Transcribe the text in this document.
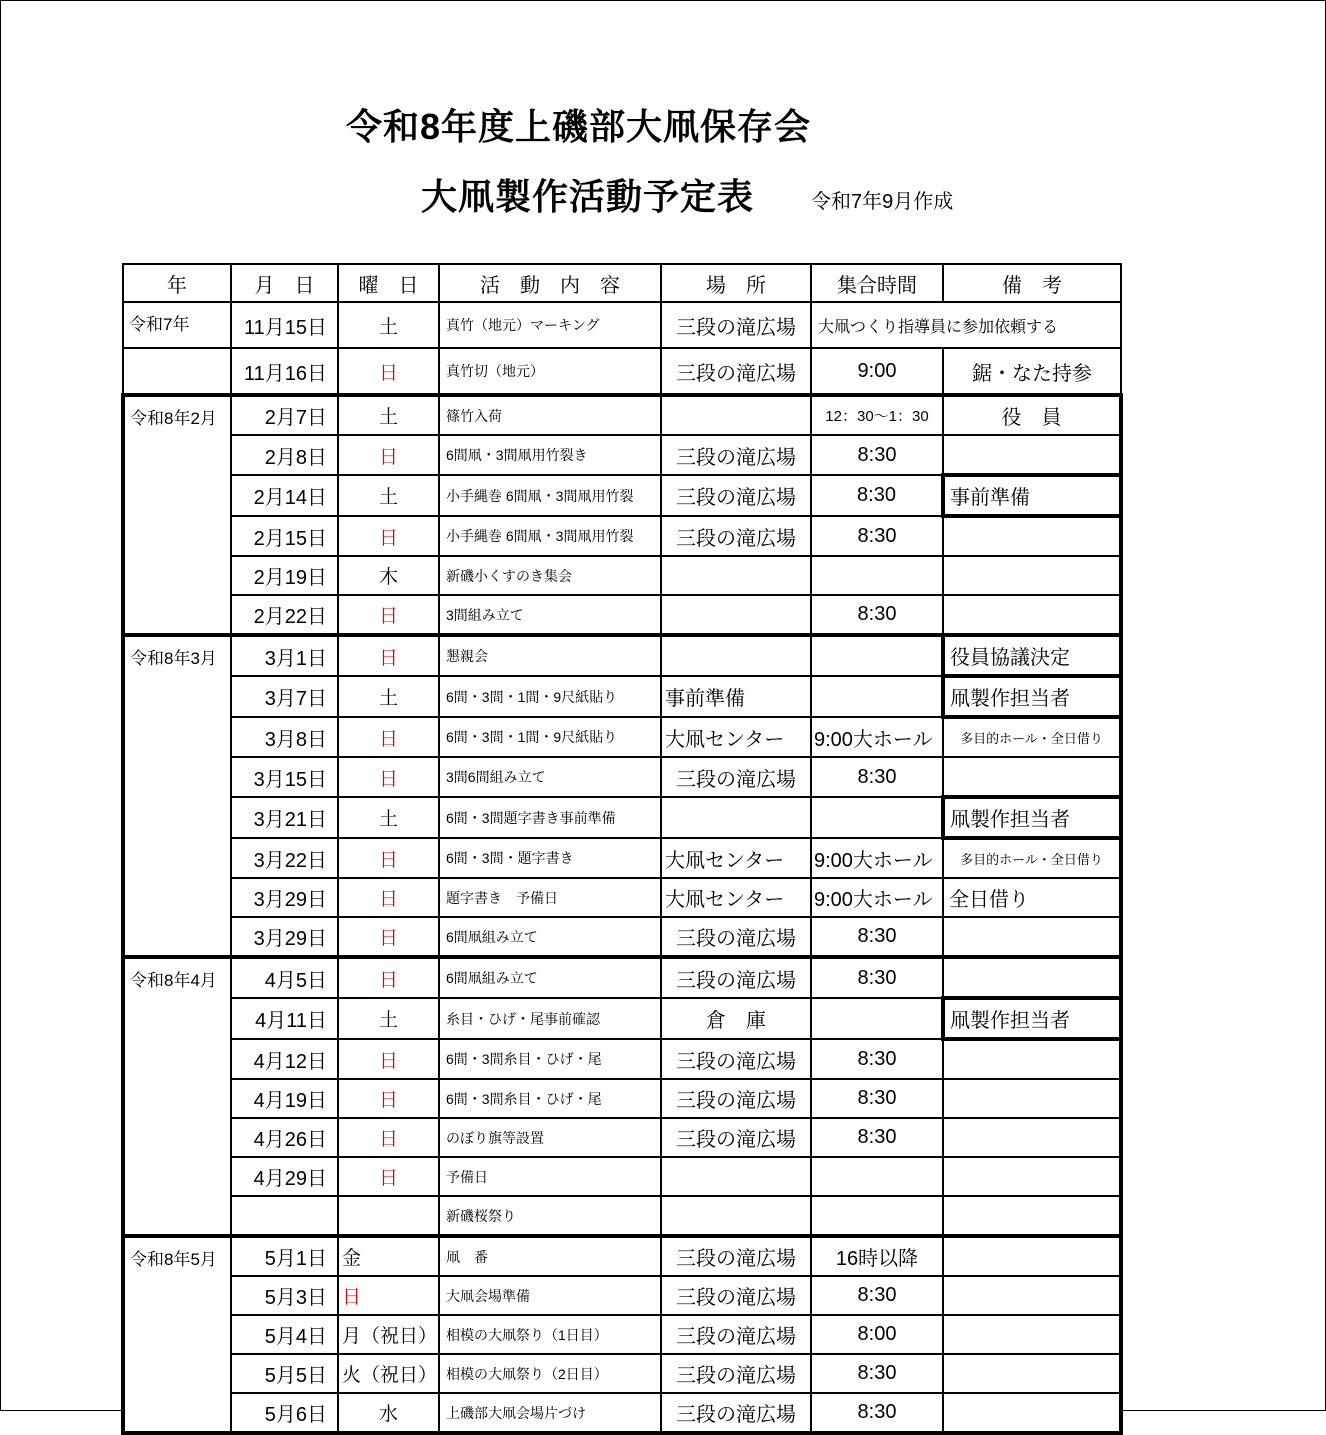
令和8年度上磯部大凧保存会
大凧製作活動予定表	令和7年9月作成
年	月　日	曜　日	活　動　内　容	場　所	集合時間	備　考
令和7年	11月15日	土	真竹（地元）マーキング	三段の滝広場	大凧つくり指導員に参加依頼する	
	11月16日	日	真竹切（地元）	三段の滝広場	9:00	鋸・なた持参
令和8年2月	2月7日	土	篠竹入荷		12：30～1：30	役　員
	2月8日	日	6間凧・3間凧用竹裂き	三段の滝広場	8:30	
	2月14日	土	小手縄巻 6間凧・3間凧用竹裂	三段の滝広場	8:30	事前準備
	2月15日	日	小手縄巻 6間凧・3間凧用竹裂	三段の滝広場	8:30	
	2月19日	木	新磯小くすのき集会			
	2月22日	日	3間組み立て		8:30	
令和8年3月	3月1日	日	懇親会			役員協議決定
	3月7日	土	6間・3間・1間・9尺紙貼り	事前準備		凧製作担当者
	3月8日	日	6間・3間・1間・9尺紙貼り	大凧センター	9:00大ホール	多目的ホール・全日借り
	3月15日	日	3間6間組み立て	三段の滝広場	8:30	
	3月21日	土	6間・3間題字書き事前準備			凧製作担当者
	3月22日	日	6間・3間・題字書き	大凧センター	9:00大ホール	多目的ホール・全日借り
	3月29日	日	題字書き　予備日	大凧センター	9:00大ホール	全日借り
	3月29日	日	6間凧組み立て	三段の滝広場	8:30	
令和8年4月	4月5日	日	6間凧組み立て	三段の滝広場	8:30	
	4月11日	土	糸目・ひげ・尾事前確認	倉　庫		凧製作担当者
	4月12日	日	6間・3間糸目・ひげ・尾	三段の滝広場	8:30	
	4月19日	日	6間・3間糸目・ひげ・尾	三段の滝広場	8:30	
	4月26日	日	のぼり旗等設置	三段の滝広場	8:30	
	4月29日	日	予備日			
			新磯桜祭り			
令和8年5月	5月1日	金	凧　番	三段の滝広場	16時以降	
	5月3日	日	大凧会場準備	三段の滝広場	8:30	
	5月4日	月（祝日）	相模の大凧祭り（1日目）	三段の滝広場	8:00	
	5月5日	火（祝日）	相模の大凧祭り（2日目）	三段の滝広場	8:30	
	5月6日	水	上磯部大凧会場片づけ	三段の滝広場	8:30	
